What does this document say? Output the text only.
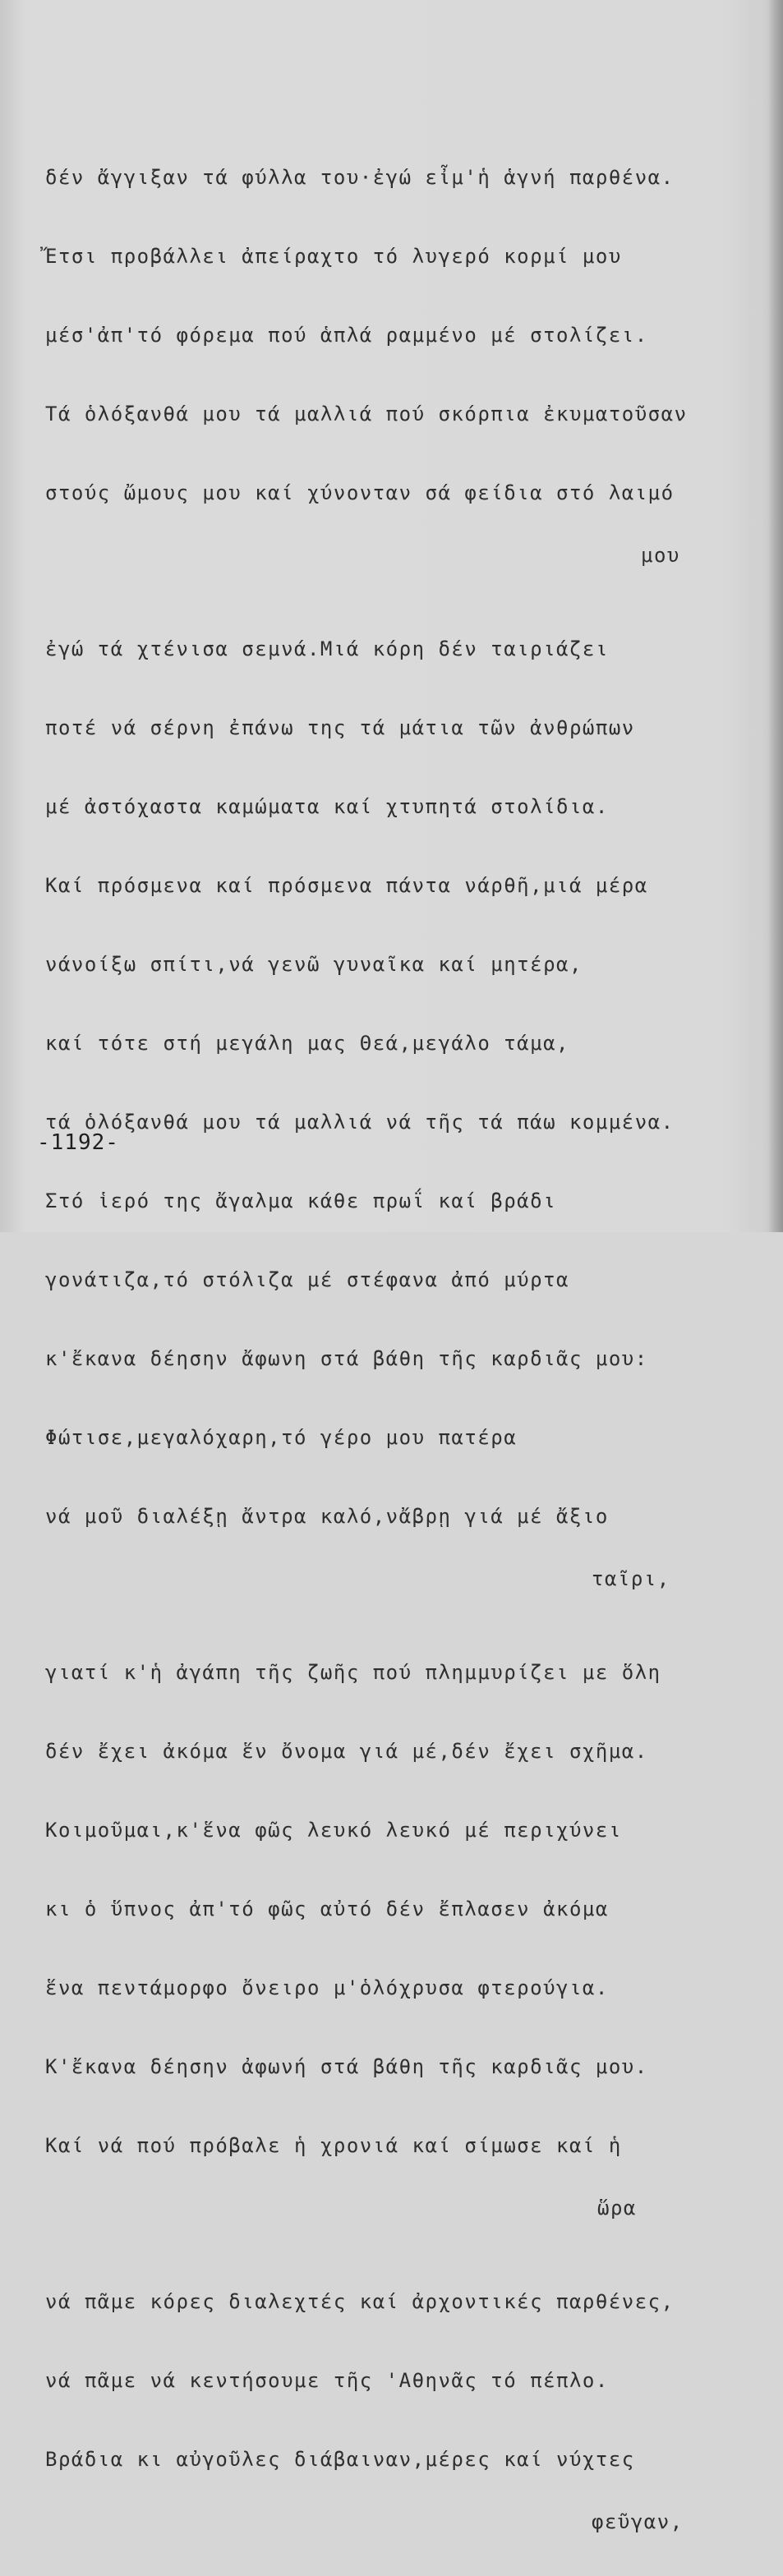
δέν ἄγγιξαν τά φύλλα του·ἐγώ εἶμ'ἡ ἁγνή παρθένα.

Ἔτσι προβάλλει ἀπείραχτο τό λυγερό κορμί μου

μέσ'ἀπ'τό φόρεμα πού ἁπλά ραμμένο μέ στολίζει.

Τά ὁλόξανθά μου τά μαλλιά πού σκόρπια ἐκυματοῦσαν

στούς ὤμους μου καί χύνονταν σά φείδια στό λαιμό

μου

ἐγώ τά χτένισα σεμνά.Μιά κόρη δέν ταιριάζει

ποτέ νά σέρνη ἐπάνω της τά μάτια τῶν ἀνθρώπων

μέ ἀστόχαστα καμώματα καί χτυπητά στολίδια.

Καί πρόσμενα καί πρόσμενα πάντα νάρθῆ,μιά μέρα

νάνοίξω σπίτι,νά γενῶ γυναῖκα καί μητέρα,

καί τότε στή μεγάλη μας Θεά,μεγάλο τάμα,

τά ὁλόξανθά μου τά μαλλιά νά τῆς τά πάω κομμένα.

Στό ἱερό της ἄγαλμα κάθε πρωΐ καί βράδι

γονάτιζα,τό στόλιζα μέ στέφανα ἀπό μύρτα

κ'ἔκανα δέησην ἄφωνη στά βάθη τῆς καρδιᾶς μου:

Φώτισε,μεγαλόχαρη,τό γέρο μου πατέρα

νά μοῦ διαλέξῃ ἄντρα καλό,νἄβρῃ γιά μέ ἄξιο

ταῖρι,

γιατί κ'ἡ ἀγάπη τῆς ζωῆς πού πλημμυρίζει με ὅλη

δέν ἔχει ἀκόμα ἕν ὄνομα γιά μέ,δέν ἔχει σχῆμα.

Κοιμοῦμαι,κ'ἕνα φῶς λευκό λευκό μέ περιχύνει

κι ὁ ὕπνος ἀπ'τό φῶς αὐτό δέν ἔπλασεν ἀκόμα

ἕνα πεντάμορφο ὄνειρο μ'ὁλόχρυσα φτερούγια.

Κ'ἔκανα δέησην ἀφωνή στά βάθη τῆς καρδιᾶς μου.

Καί νά πού πρόβαλε ἡ χρονιά καί σίμωσε καί ἡ

ὥρα

νά πᾶμε κόρες διαλεχτές καί ἀρχοντικές παρθένες,

νά πᾶμε νά κεντήσουμε τῆς 'Αθηνᾶς τό πέπλο.

Βράδια κι αὐγοῦλες διάβαιναν,μέρες καί νύχτες

φεῦγαν,

-1192-
